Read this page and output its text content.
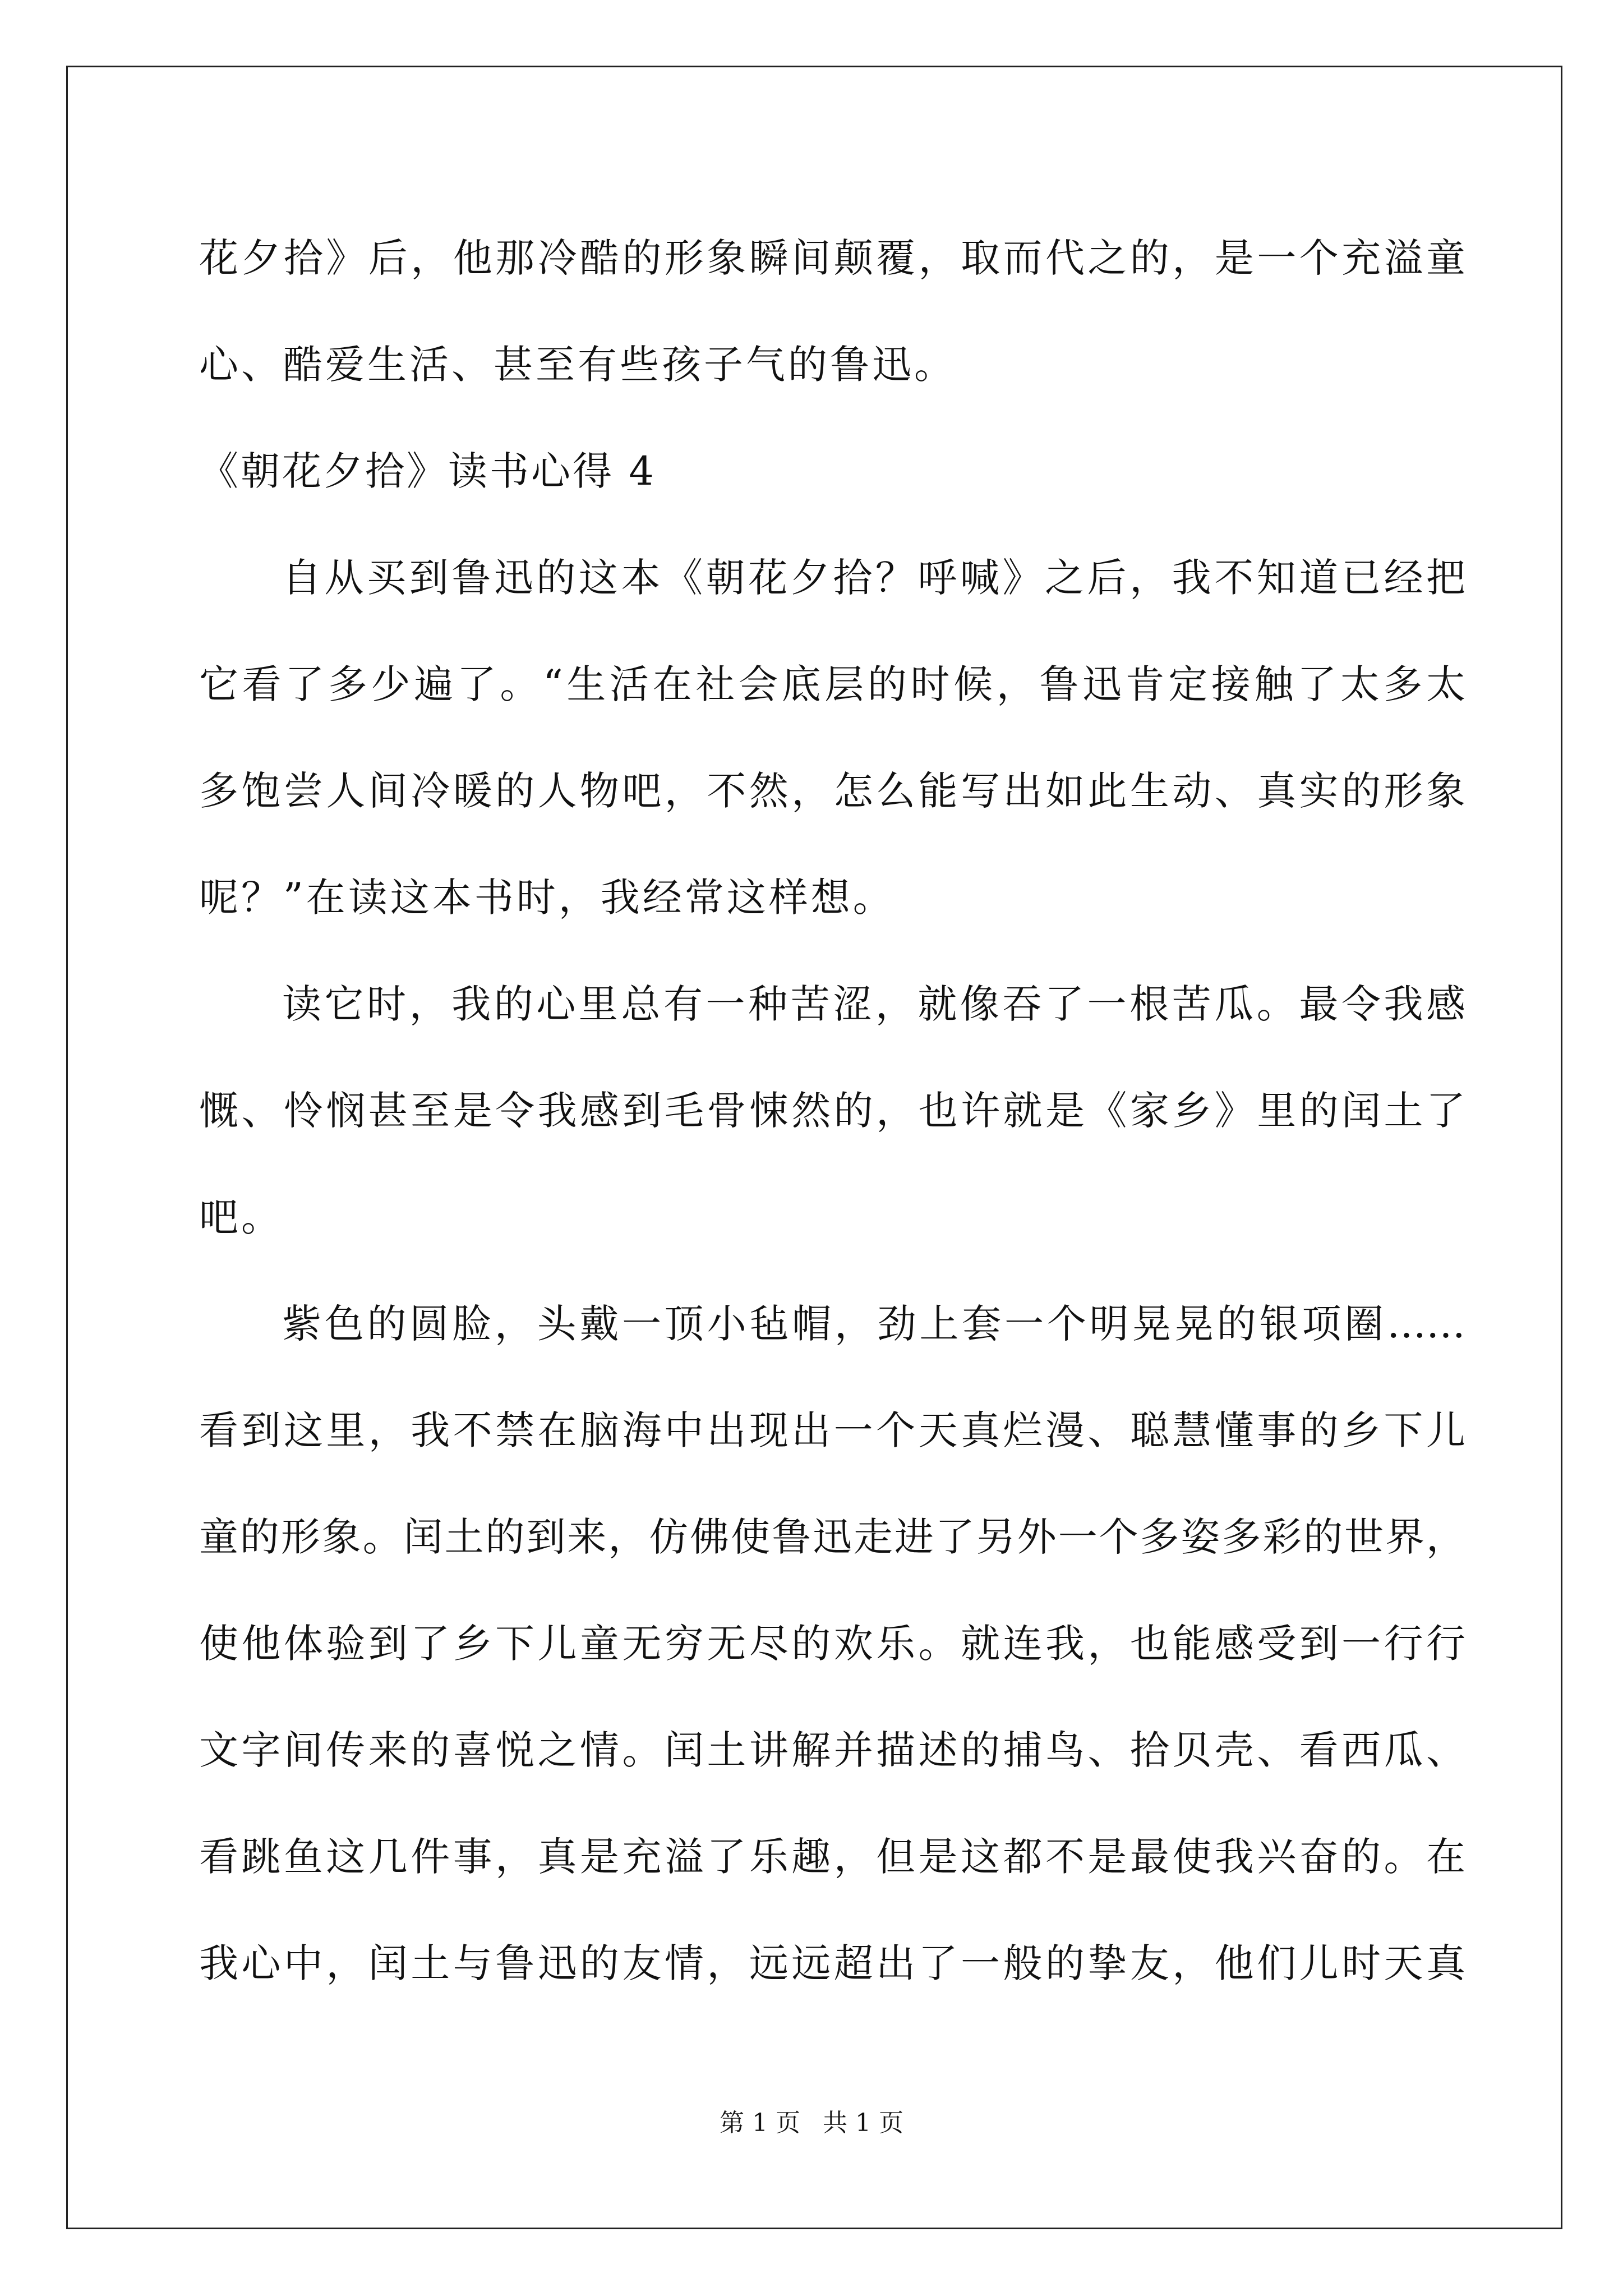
花夕拾》后，他那冷酷的形象瞬间颠覆，取而代之的，是一个充溢童
心、酷爱生活、甚至有些孩子气的鲁迅。
《朝花夕拾》读书心得 4
自从买到鲁迅的这本《朝花夕拾？呼喊》之后，我不知道已经把
它看了多少遍了。“生活在社会底层的时候，鲁迅肯定接触了太多太
多饱尝人间冷暖的人物吧，不然，怎么能写出如此生动、真实的形象
呢？”在读这本书时，我经常这样想。
读它时，我的心里总有一种苦涩，就像吞了一根苦瓜。最令我感
慨、怜悯甚至是令我感到毛骨悚然的，也许就是《家乡》里的闰土了
吧。
紫色的圆脸，头戴一顶小毡帽，劲上套一个明晃晃的银项圈……
看到这里，我不禁在脑海中出现出一个天真烂漫、聪慧懂事的乡下儿
童的形象。闰土的到来，仿佛使鲁迅走进了另外一个多姿多彩的世界，
使他体验到了乡下儿童无穷无尽的欢乐。就连我，也能感受到一行行
文字间传来的喜悦之情。闰土讲解并描述的捕鸟、拾贝壳、看西瓜、
看跳鱼这几件事，真是充溢了乐趣，但是这都不是最使我兴奋的。在
我心中，闰土与鲁迅的友情，远远超出了一般的挚友，他们儿时天真
第 1 页 共 1 页
